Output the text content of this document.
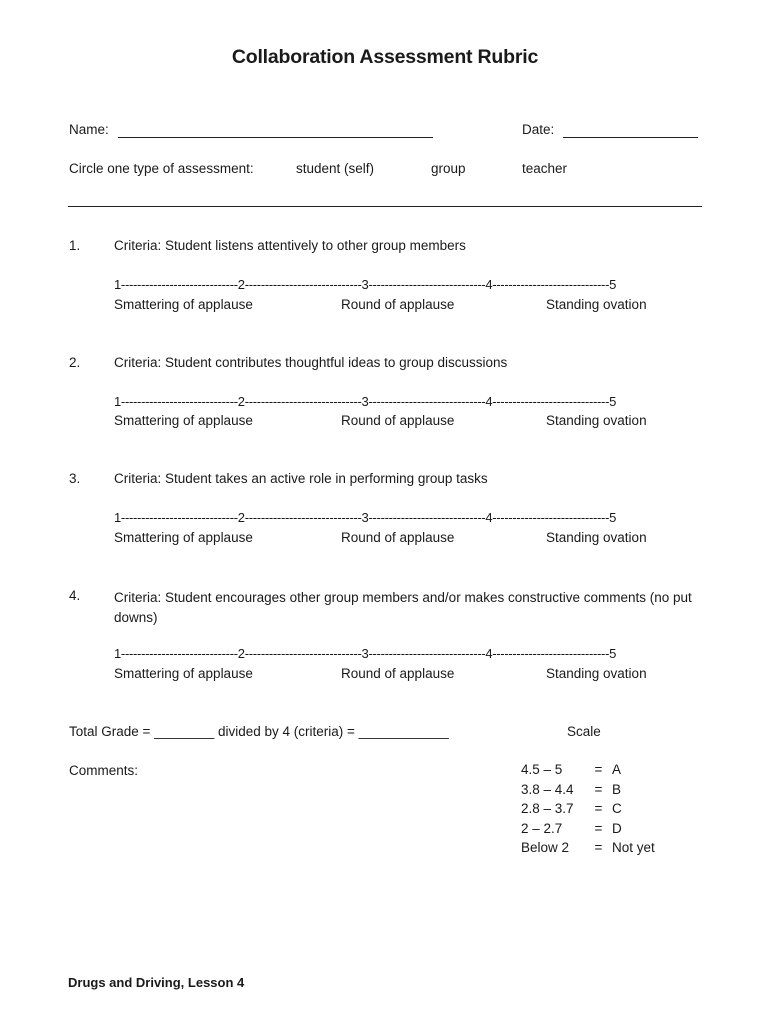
Collaboration Assessment Rubric
Name:	Date:
Circle one type of assessment:	student (self)	group	teacher
1. Criteria: Student listens attentively to other group members
1-----------------------------2-----------------------------3-----------------------------4-----------------------------5
Smattering of applause	Round of applause	Standing ovation
2. Criteria: Student contributes thoughtful ideas to group discussions
1-----------------------------2-----------------------------3-----------------------------4-----------------------------5
Smattering of applause	Round of applause	Standing ovation
3. Criteria: Student takes an active role in performing group tasks
1-----------------------------2-----------------------------3-----------------------------4-----------------------------5
Smattering of applause	Round of applause	Standing ovation
4. Criteria: Student encourages other group members and/or makes constructive comments (no put downs)
1-----------------------------2-----------------------------3-----------------------------4-----------------------------5
Smattering of applause	Round of applause	Standing ovation
Total Grade = ________ divided by 4 (criteria) = ____________	Scale
Comments:	4.5 – 5	=	A
3.8 – 4.4	=	B
2.8 – 3.7	=	C
2 – 2.7	=	D
Below 2	=	Not yet
Drugs and Driving, Lesson 4
